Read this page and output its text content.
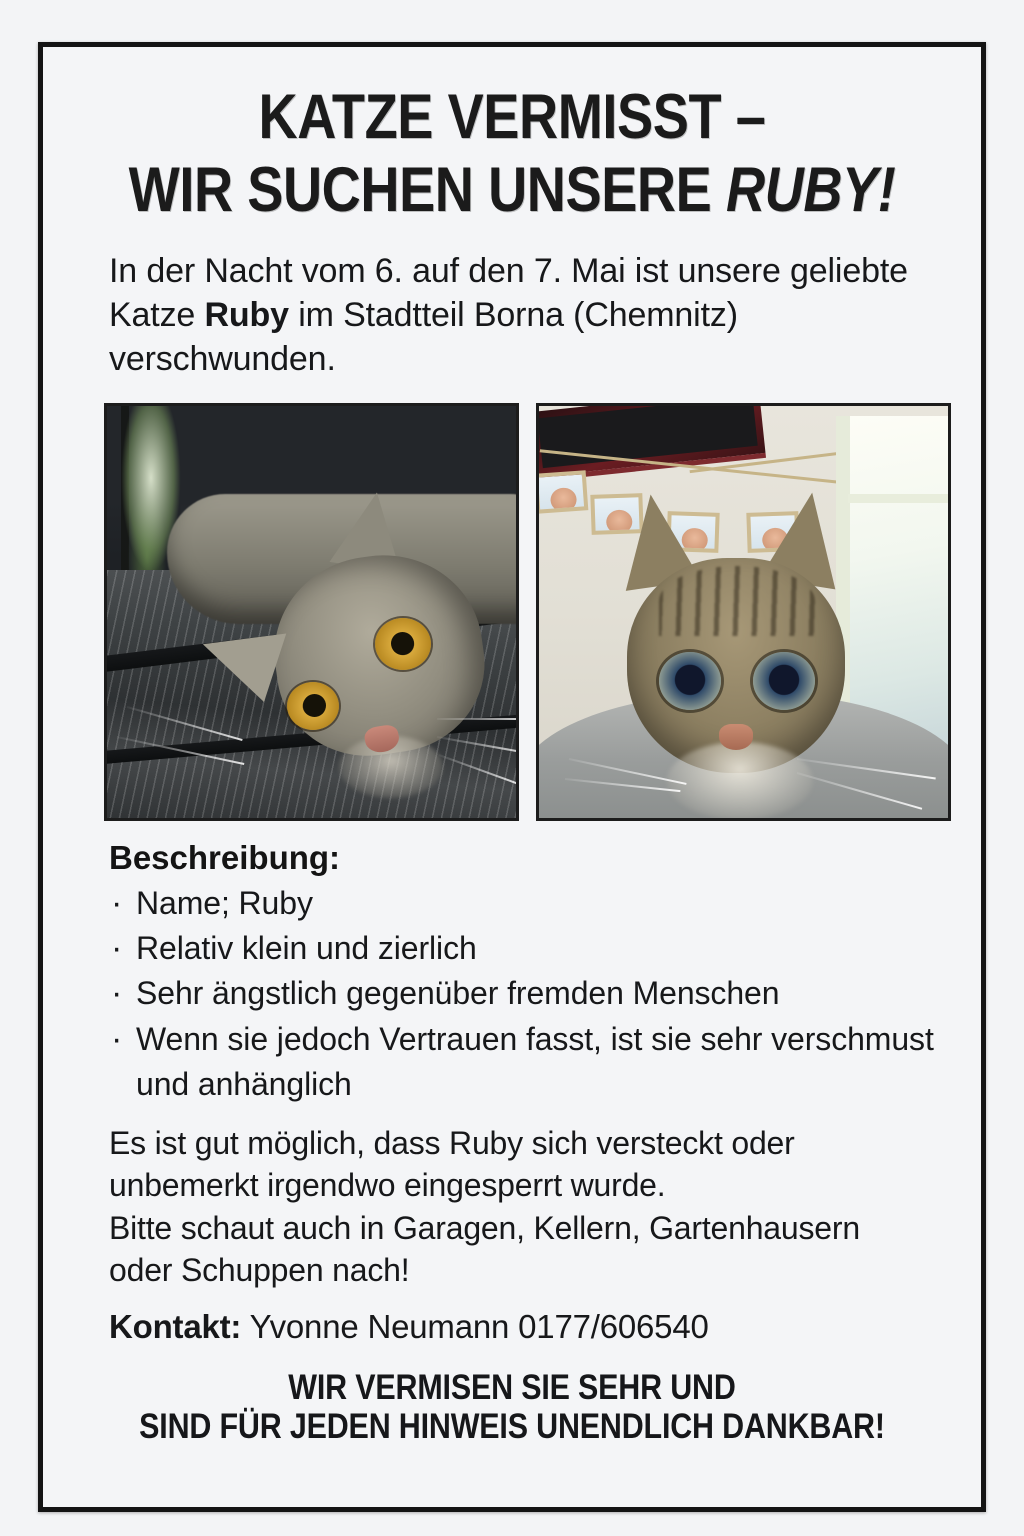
KATZE VERMISST –
WIR SUCHEN UNSERE RUBY!

In der Nacht vom 6. auf den 7. Mai ist unsere geliebte Katze Ruby im Stadtteil Borna (Chemnitz) verschwunden.

Beschreibung:
· Name; Ruby
· Relativ klein und zierlich
· Sehr ängstlich gegenüber fremden Menschen
· Wenn sie jedoch Vertrauen fasst, ist sie sehr verschmust und anhänglich

Es ist gut möglich, dass Ruby sich versteckt oder
unbemerkt irgendwo eingesperrt wurde.
Bitte schaut auch in Garagen, Kellern, Gartenhausern
oder Schuppen nach!

Kontakt: Yvonne Neumann 0177/606540

WIR VERMISEN SIE SEHR UND
SIND FÜR JEDEN HINWEIS UNENDLICH DANKBAR!
